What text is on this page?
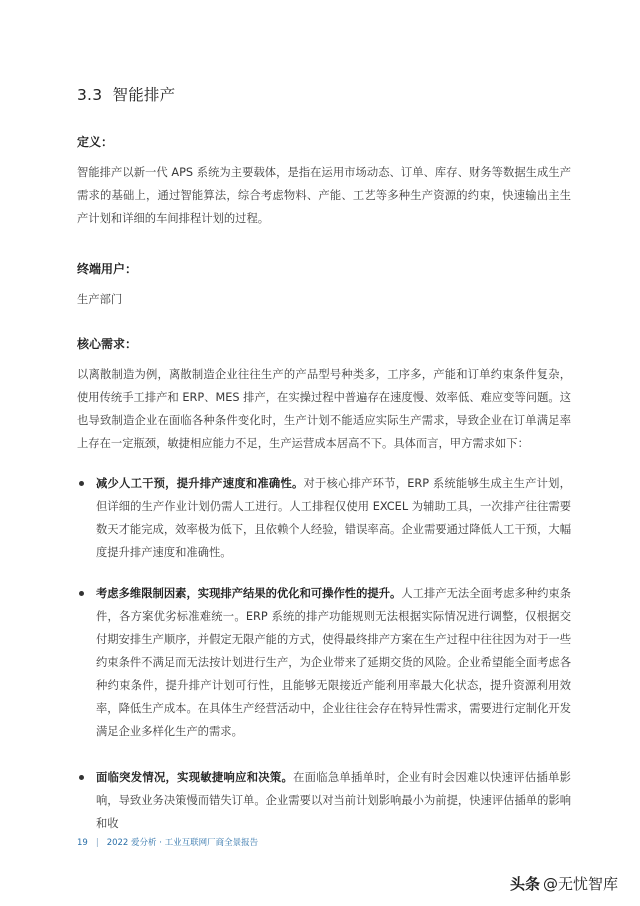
3.3 智能排产
定义：
智能排产以新一代 APS 系统为主要载体，是指在运用市场动态、订单、库存、财务等数据生成生产需求的基础上，通过智能算法，综合考虑物料、产能、工艺等多种生产资源的约束，快速输出主生产计划和详细的车间排程计划的过程。
终端用户：
生产部门
核心需求：
以离散制造为例，离散制造企业往往生产的产品型号种类多，工序多，产能和订单约束条件复杂，使用传统手工排产和 ERP、MES 排产，在实操过程中普遍存在速度慢、效率低、难应变等问题。这也导致制造企业在面临各种条件变化时，生产计划不能适应实际生产需求，导致企业在订单满足率上存在一定瓶颈，敏捷相应能力不足，生产运营成本居高不下。具体而言，甲方需求如下：
减少人工干预，提升排产速度和准确性。对于核心排产环节，ERP 系统能够生成主生产计划，但详细的生产作业计划仍需人工进行。人工排程仅使用 EXCEL 为辅助工具，一次排产往往需要数天才能完成，效率极为低下，且依赖个人经验，错误率高。企业需要通过降低人工干预，大幅度提升排产速度和准确性。
考虑多维限制因素，实现排产结果的优化和可操作性的提升。人工排产无法全面考虑多种约束条件，各方案优劣标准难统一。ERP 系统的排产功能规则无法根据实际情况进行调整，仅根据交付期安排生产顺序，并假定无限产能的方式，使得最终排产方案在生产过程中往往因为对于一些约束条件不满足而无法按计划进行生产，为企业带来了延期交货的风险。企业希望能全面考虑各种约束条件，提升排产计划可行性，且能够无限接近产能利用率最大化状态，提升资源利用效率，降低生产成本。在具体生产经营活动中，企业往往会存在特异性需求，需要进行定制化开发满足企业多样化生产的需求。
面临突发情况，实现敏捷响应和决策。在面临急单插单时，企业有时会因难以快速评估插单影响，导致业务决策慢而错失订单。企业需要以对当前计划影响最小为前提，快速评估插单的影响和收
19 | 2022 爱分析 · 工业互联网厂商全景报告
头条 @无忧智库
